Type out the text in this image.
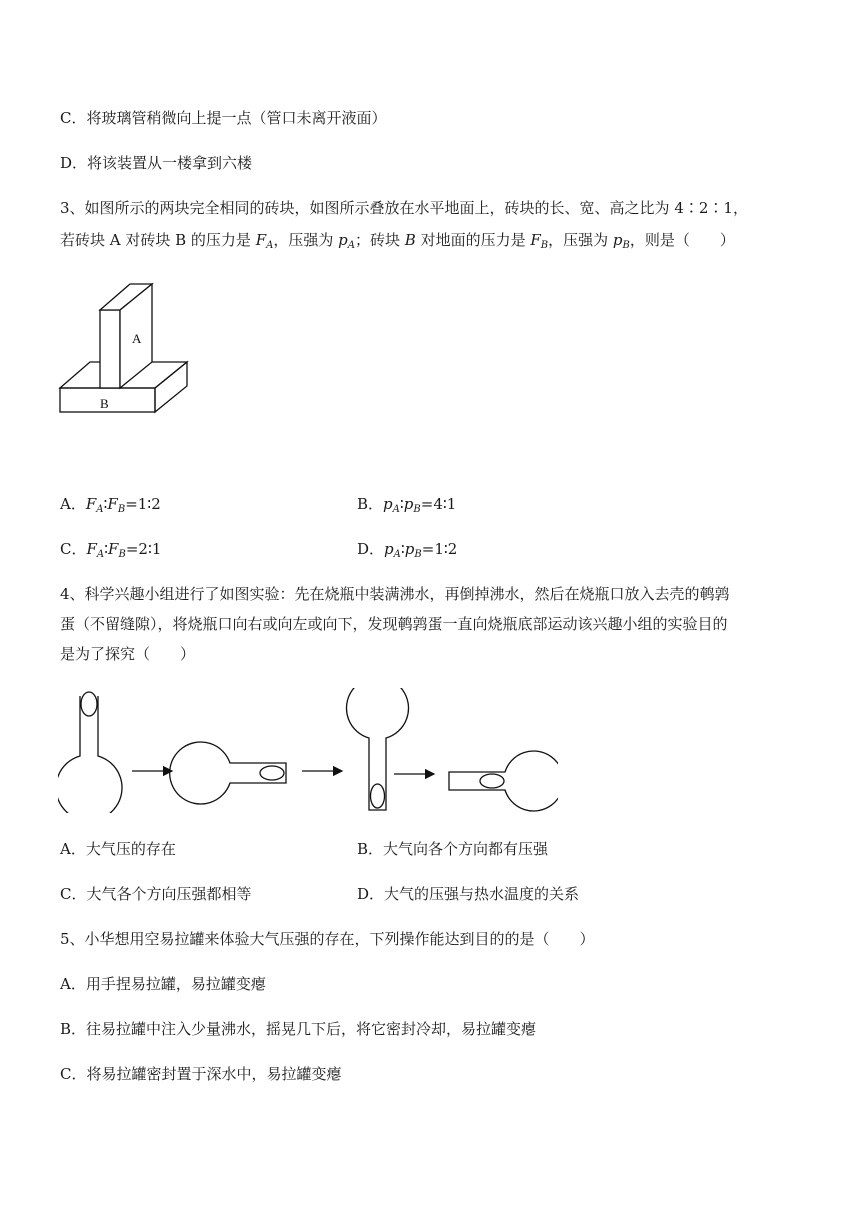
C．将玻璃管稍微向上提一点（管口未离开液面）
D．将该装置从一楼拿到六楼
3、如图所示的两块完全相同的砖块，如图所示叠放在水平地面上，砖块的长、宽、高之比为 4∶2∶1，
若砖块 A 对砖块 B 的压力是 $F_A$，压强为 $p_A$；砖块 B 对地面的压力是 $F_B$，压强为 $p_B$，则是（　　）
A
B
A．$F_A∶F_B=1∶2$	B．$p_A∶p_B=4∶1$
C．$F_A∶F_B=2∶1$	D．$p_A∶p_B=1∶2$
4、科学兴趣小组进行了如图实验：先在烧瓶中装满沸水，再倒掉沸水，然后在烧瓶口放入去壳的鹌鹑
蛋（不留缝隙），将烧瓶口向右或向左或向下，发现鹌鹑蛋一直向烧瓶底部运动该兴趣小组的实验目的
是为了探究（　　）
A．大气压的存在	B．大气向各个方向都有压强
C．大气各个方向压强都相等	D．大气的压强与热水温度的关系
5、小华想用空易拉罐来体验大气压强的存在，下列操作能达到目的的是（　　）
A．用手捏易拉罐，易拉罐变瘪
B．往易拉罐中注入少量沸水，摇晃几下后，将它密封冷却，易拉罐变瘪
C．将易拉罐密封置于深水中，易拉罐变瘪
